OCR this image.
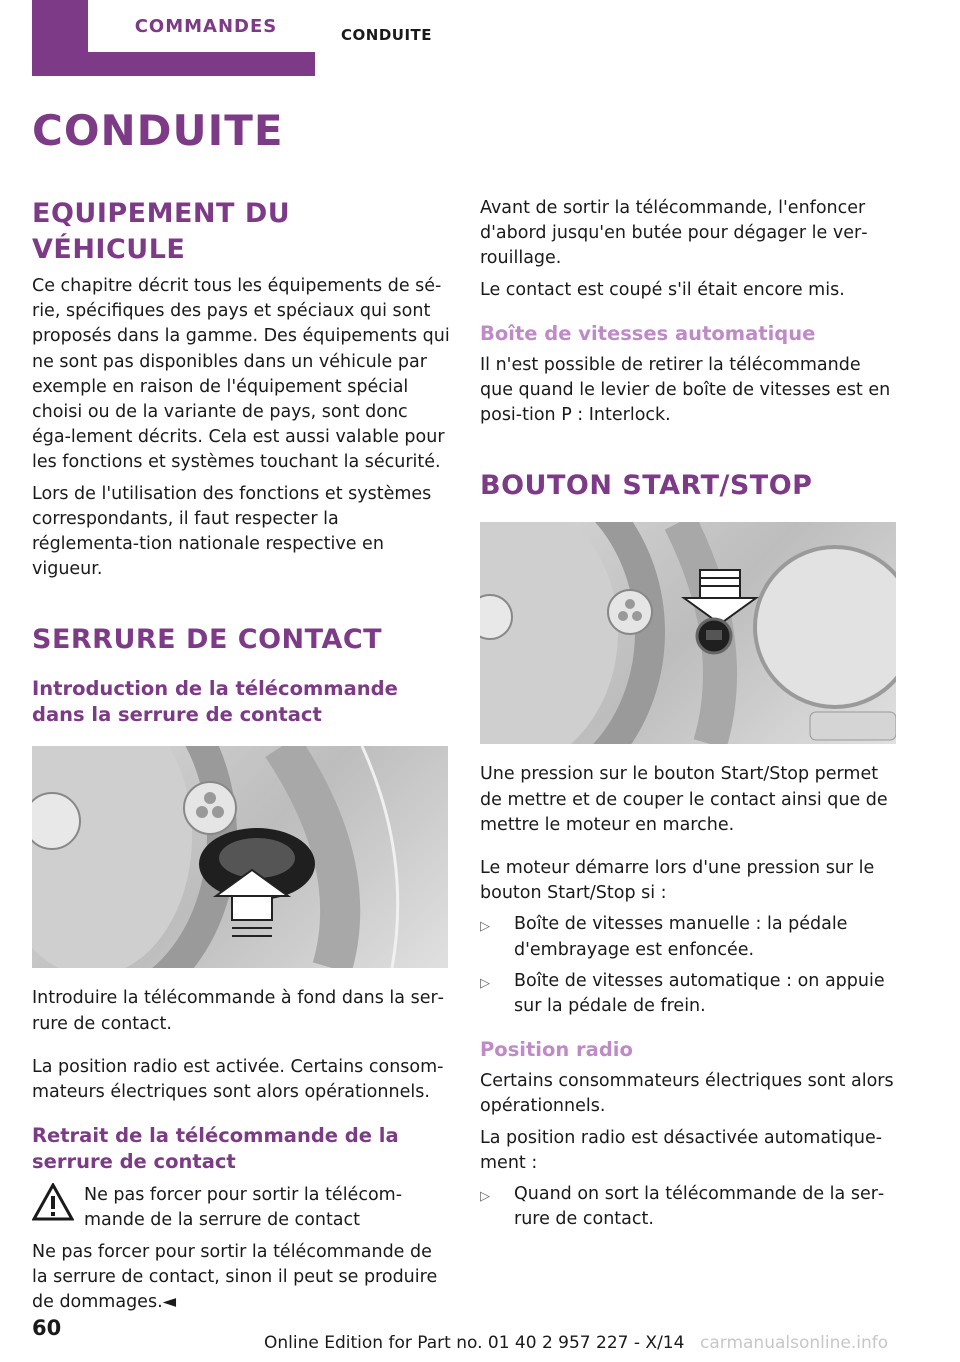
COMMANDES	CONDUITE
CONDUITE
EQUIPEMENT DU VÉHICULE

Ce chapitre décrit tous les équipements de sé‐rie, spécifiques des pays et spéciaux qui sont proposés dans la gamme. Des équipements qui ne sont pas disponibles dans un véhicule par exemple en raison de l'équipement spécial choisi ou de la variante de pays, sont donc éga‐lement décrits. Cela est aussi valable pour les fonctions et systèmes touchant la sécurité.

Lors de l'utilisation des fonctions et systèmes correspondants, il faut respecter la réglementa‐tion nationale respective en vigueur.

SERRURE DE CONTACT
Introduction de la télécommande dans la serrure de contact

Introduire la télécommande à fond dans la ser‐rure de contact.

La position radio est activée. Certains consom‐mateurs électriques sont alors opérationnels.

Retrait de la télécommande de la serrure de contact
Ne pas forcer pour sortir la télécom‐mande de la serrure de contact

Ne pas forcer pour sortir la télécommande de la serrure de contact, sinon il peut se produire de dommages.◄

Avant de sortir la télécommande, l'enfoncer d'abord jusqu'en butée pour dégager le ver‐rouillage.

Le contact est coupé s'il était encore mis.

Boîte de vitesses automatique

Il n'est possible de retirer la télécommande que quand le levier de boîte de vitesses est en posi‐tion P : Interlock.

BOUTON START/STOP

Une pression sur le bouton Start/Stop permet de mettre et de couper le contact ainsi que de mettre le moteur en marche.

Le moteur démarre lors d'une pression sur le bouton Start/Stop si :

▷	Boîte de vitesses manuelle : la pédale d'embrayage est enfoncée.
▷	Boîte de vitesses automatique : on appuie sur la pédale de frein.
Position radio

Certains consommateurs électriques sont alors opérationnels.

La position radio est désactivée automatique‐ment :

▷	Quand on sort la télécommande de la ser‐rure de contact.
60
Online Edition for Part no. 01 40 2 957 227 - X/14 carmanualsonline.info
